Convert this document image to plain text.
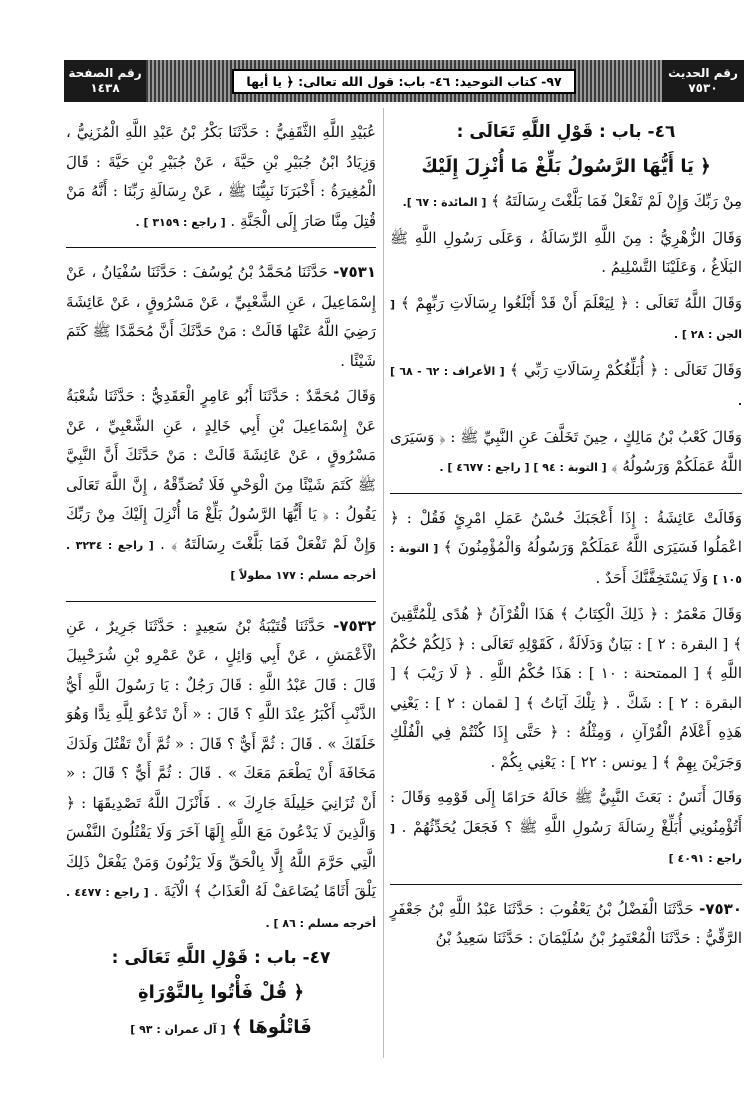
رقم الحديث
٧٥٣٠
٩٧- كتاب التوحيد: ٤٦- باب: قول الله تعالى: ﴿ يا أيها
رقم الصفحة
١٤٣٨
٤٦- باب : قَوْلِ اللَّهِ تَعَالَى :
﴿ يَا أَيُّهَا الرَّسُولُ بَلِّغْ مَا أُنْزِلَ إِلَيْكَ

مِنْ رَبِّكَ وَإِنْ لَمْ تَفْعَلْ فَمَا بَلَّغْتَ رِسَالَتَهُ ﴾ [ المائدة : ٦٧ ].

وَقَالَ الزُّهْرِيُّ : مِنَ اللَّهِ الرِّسَالَةُ ، وَعَلَى رَسُولِ اللَّهِ ﷺ البَلَاغُ ، وَعَلَيْنَا التَّسْلِيمُ .

وَقَالَ اللَّهُ تَعَالَى : ﴿ لِيَعْلَمَ أَنْ قَدْ أَبْلَغُوا رِسَالَاتِ رَبِّهِمْ ﴾ [ الجن : ٢٨ ] .

وَقَالَ تَعَالَى : ﴿ أُبَلِّغُكُمْ رِسَالَاتِ رَبِّي ﴾ [ الأعراف : ٦٢ - ٦٨ ] .

وَقَالَ كَعْبُ بْنُ مَالِكٍ ، حِينَ تَخَلَّفَ عَنِ النَّبِيِّ ﷺ : ﴿ وَسَيَرَى اللَّهُ عَمَلَكُمْ وَرَسُولُهُ ﴾ [ التوبة : ٩٤ ] [ راجع : ٤٦٧٧ ] .

وَقَالَتْ عَائِشَةُ : إِذَا أَعْجَبَكَ حُسْنُ عَمَلِ امْرِئٍ فَقُلْ : ﴿ اعْمَلُوا فَسَيَرَى اللَّهُ عَمَلَكُمْ وَرَسُولُهُ وَالْمُؤْمِنُونَ ﴾ [ التوبة : ١٠٥ ] وَلَا يَسْتَخِفَّنَّكَ أَحَدٌ .

وَقَالَ مَعْمَرٌ : ﴿ ذَلِكَ الْكِتَابُ ﴾ هَذَا الْقُرْآنُ ﴿ هُدًى لِلْمُتَّقِينَ ﴾ [ البقرة : ٢ ] : بَيَانٌ وَدَلَالَةٌ ، كَقَوْلِهِ تَعَالَى : ﴿ ذَلِكُمْ حُكْمُ اللَّهِ ﴾ [ الممتحنة : ١٠ ] : هَذَا حُكْمُ اللَّهِ . ﴿ لَا رَيْبَ ﴾ [ البقرة : ٢ ] : شَكَّ . ﴿ تِلْكَ آيَاتُ ﴾ [ لقمان : ٢ ] : يَعْنِي هَذِهِ أَعْلَامُ الْقُرْآنِ ، وَمِثْلُهُ : ﴿ حَتَّى إِذَا كُنْتُمْ فِي الْفُلْكِ وَجَرَيْنَ بِهِمْ ﴾ [ يونس : ٢٢ ] : يَعْنِي بِكُمْ .

وَقَالَ أَنَسٌ : بَعَثَ النَّبِيُّ ﷺ خَالَهُ حَرَامًا إِلَى قَوْمِهِ وَقَالَ : أَتُؤْمِنُونِي أُبَلِّغْ رِسَالَةَ رَسُولِ اللَّهِ ﷺ ؟ فَجَعَلَ يُحَدِّثُهُمْ . [ راجع : ٤٠٩١ ]

٧٥٣٠- حَدَّثَنَا الْفَضْلُ بْنُ يَعْقُوبَ : حَدَّثَنَا عَبْدُ اللَّهِ بْنُ جَعْفَرٍ الرَّقِّيُّ : حَدَّثَنَا الْمُعْتَمِرُ بْنُ سُلَيْمَانَ : حَدَّثَنَا سَعِيدُ بْنُ

عُبَيْدِ اللَّهِ الثَّقَفِيُّ : حَدَّثَنَا بَكْرُ بْنُ عَبْدِ اللَّهِ الْمُزَنِيُّ ، وَزِيَادُ ابْنُ جُبَيْرِ بْنِ حَيَّةَ ، عَنْ جُبَيْرِ بْنِ حَيَّةَ : قَالَ الْمُغِيرَةُ : أَخْبَرَنَا نَبِيُّنَا ﷺ ، عَنْ رِسَالَةِ رَبِّنَا : أَنَّهُ مَنْ قُتِلَ مِنَّا صَارَ إِلَى الْجَنَّةِ . [ راجع : ٣١٥٩ ] .

٧٥٣١- حَدَّثَنَا مُحَمَّدُ بْنُ يُوسُفَ : حَدَّثَنَا سُفْيَانُ ، عَنْ إِسْمَاعِيلَ ، عَنِ الشَّعْبِيِّ ، عَنْ مَسْرُوقٍ ، عَنْ عَائِشَةَ رَضِيَ اللَّهُ عَنْهَا قَالَتْ : مَنْ حَدَّثَكَ أَنَّ مُحَمَّدًا ﷺ كَتَمَ شَيْئًا .

وَقَالَ مُحَمَّدٌ : حَدَّثَنَا أَبُو عَامِرٍ الْعَقَدِيُّ : حَدَّثَنَا شُعْبَةُ عَنْ إِسْمَاعِيلَ بْنِ أَبِي خَالِدٍ ، عَنِ الشَّعْبِيِّ ، عَنْ مَسْرُوقٍ ، عَنْ عَائِشَةَ قَالَتْ : مَنْ حَدَّثَكَ أَنَّ النَّبِيَّ ﷺ كَتَمَ شَيْئًا مِنَ الْوَحْيِ فَلَا تُصَدِّقْهُ ، إِنَّ اللَّهَ تَعَالَى يَقُولُ : ﴿ يَا أَيُّهَا الرَّسُولُ بَلِّغْ مَا أُنْزِلَ إِلَيْكَ مِنْ رَبِّكَ وَإِنْ لَمْ تَفْعَلْ فَمَا بَلَّغْتَ رِسَالَتَهُ ﴾ . [ راجع : ٣٢٣٤ . أخرجه مسلم : ١٧٧ مطولاً ]

٧٥٣٢- حَدَّثَنَا قُتَيْبَةُ بْنُ سَعِيدٍ : حَدَّثَنَا جَرِيرٌ ، عَنِ الْأَعْمَشِ ، عَنْ أَبِي وَائِلٍ ، عَنْ عَمْرِو بْنِ شُرَحْبِيلَ قَالَ : قَالَ عَبْدُ اللَّهِ : قَالَ رَجُلٌ : يَا رَسُولَ اللَّهِ أَيُّ الذَّنْبِ أَكْبَرُ عِنْدَ اللَّهِ ؟ قَالَ : « أَنْ تَدْعُوَ لِلَّهِ نِدًّا وَهُوَ خَلَقَكَ » . قَالَ : ثُمَّ أَيٌّ ؟ قَالَ : « ثُمَّ أَنْ تَقْتُلَ وَلَدَكَ مَخَافَةَ أَنْ يَطْعَمَ مَعَكَ » . قَالَ : ثُمَّ أَيٌّ ؟ قَالَ : « أَنْ تُزَانِيَ حَلِيلَةَ جَارِكَ » . فَأَنْزَلَ اللَّهُ تَصْدِيقَهَا : ﴿ وَالَّذِينَ لَا يَدْعُونَ مَعَ اللَّهِ إِلَهًا آخَرَ وَلَا يَقْتُلُونَ النَّفْسَ الَّتِي حَرَّمَ اللَّهُ إِلَّا بِالْحَقِّ وَلَا يَزْنُونَ وَمَنْ يَفْعَلْ ذَلِكَ يَلْقَ أَثَامًا يُضَاعَفْ لَهُ الْعَذَابُ ﴾ الْآيَةَ . [ راجع : ٤٤٧٧ . أخرجه مسلم : ٨٦ ] .

٤٧- باب : قَوْلِ اللَّهِ تَعَالَى :
﴿ قُلْ فَأْتُوا بِالتَّوْرَاةِ
فَاتْلُوهَا ﴾ [ آل عمران : ٩٣ ]
